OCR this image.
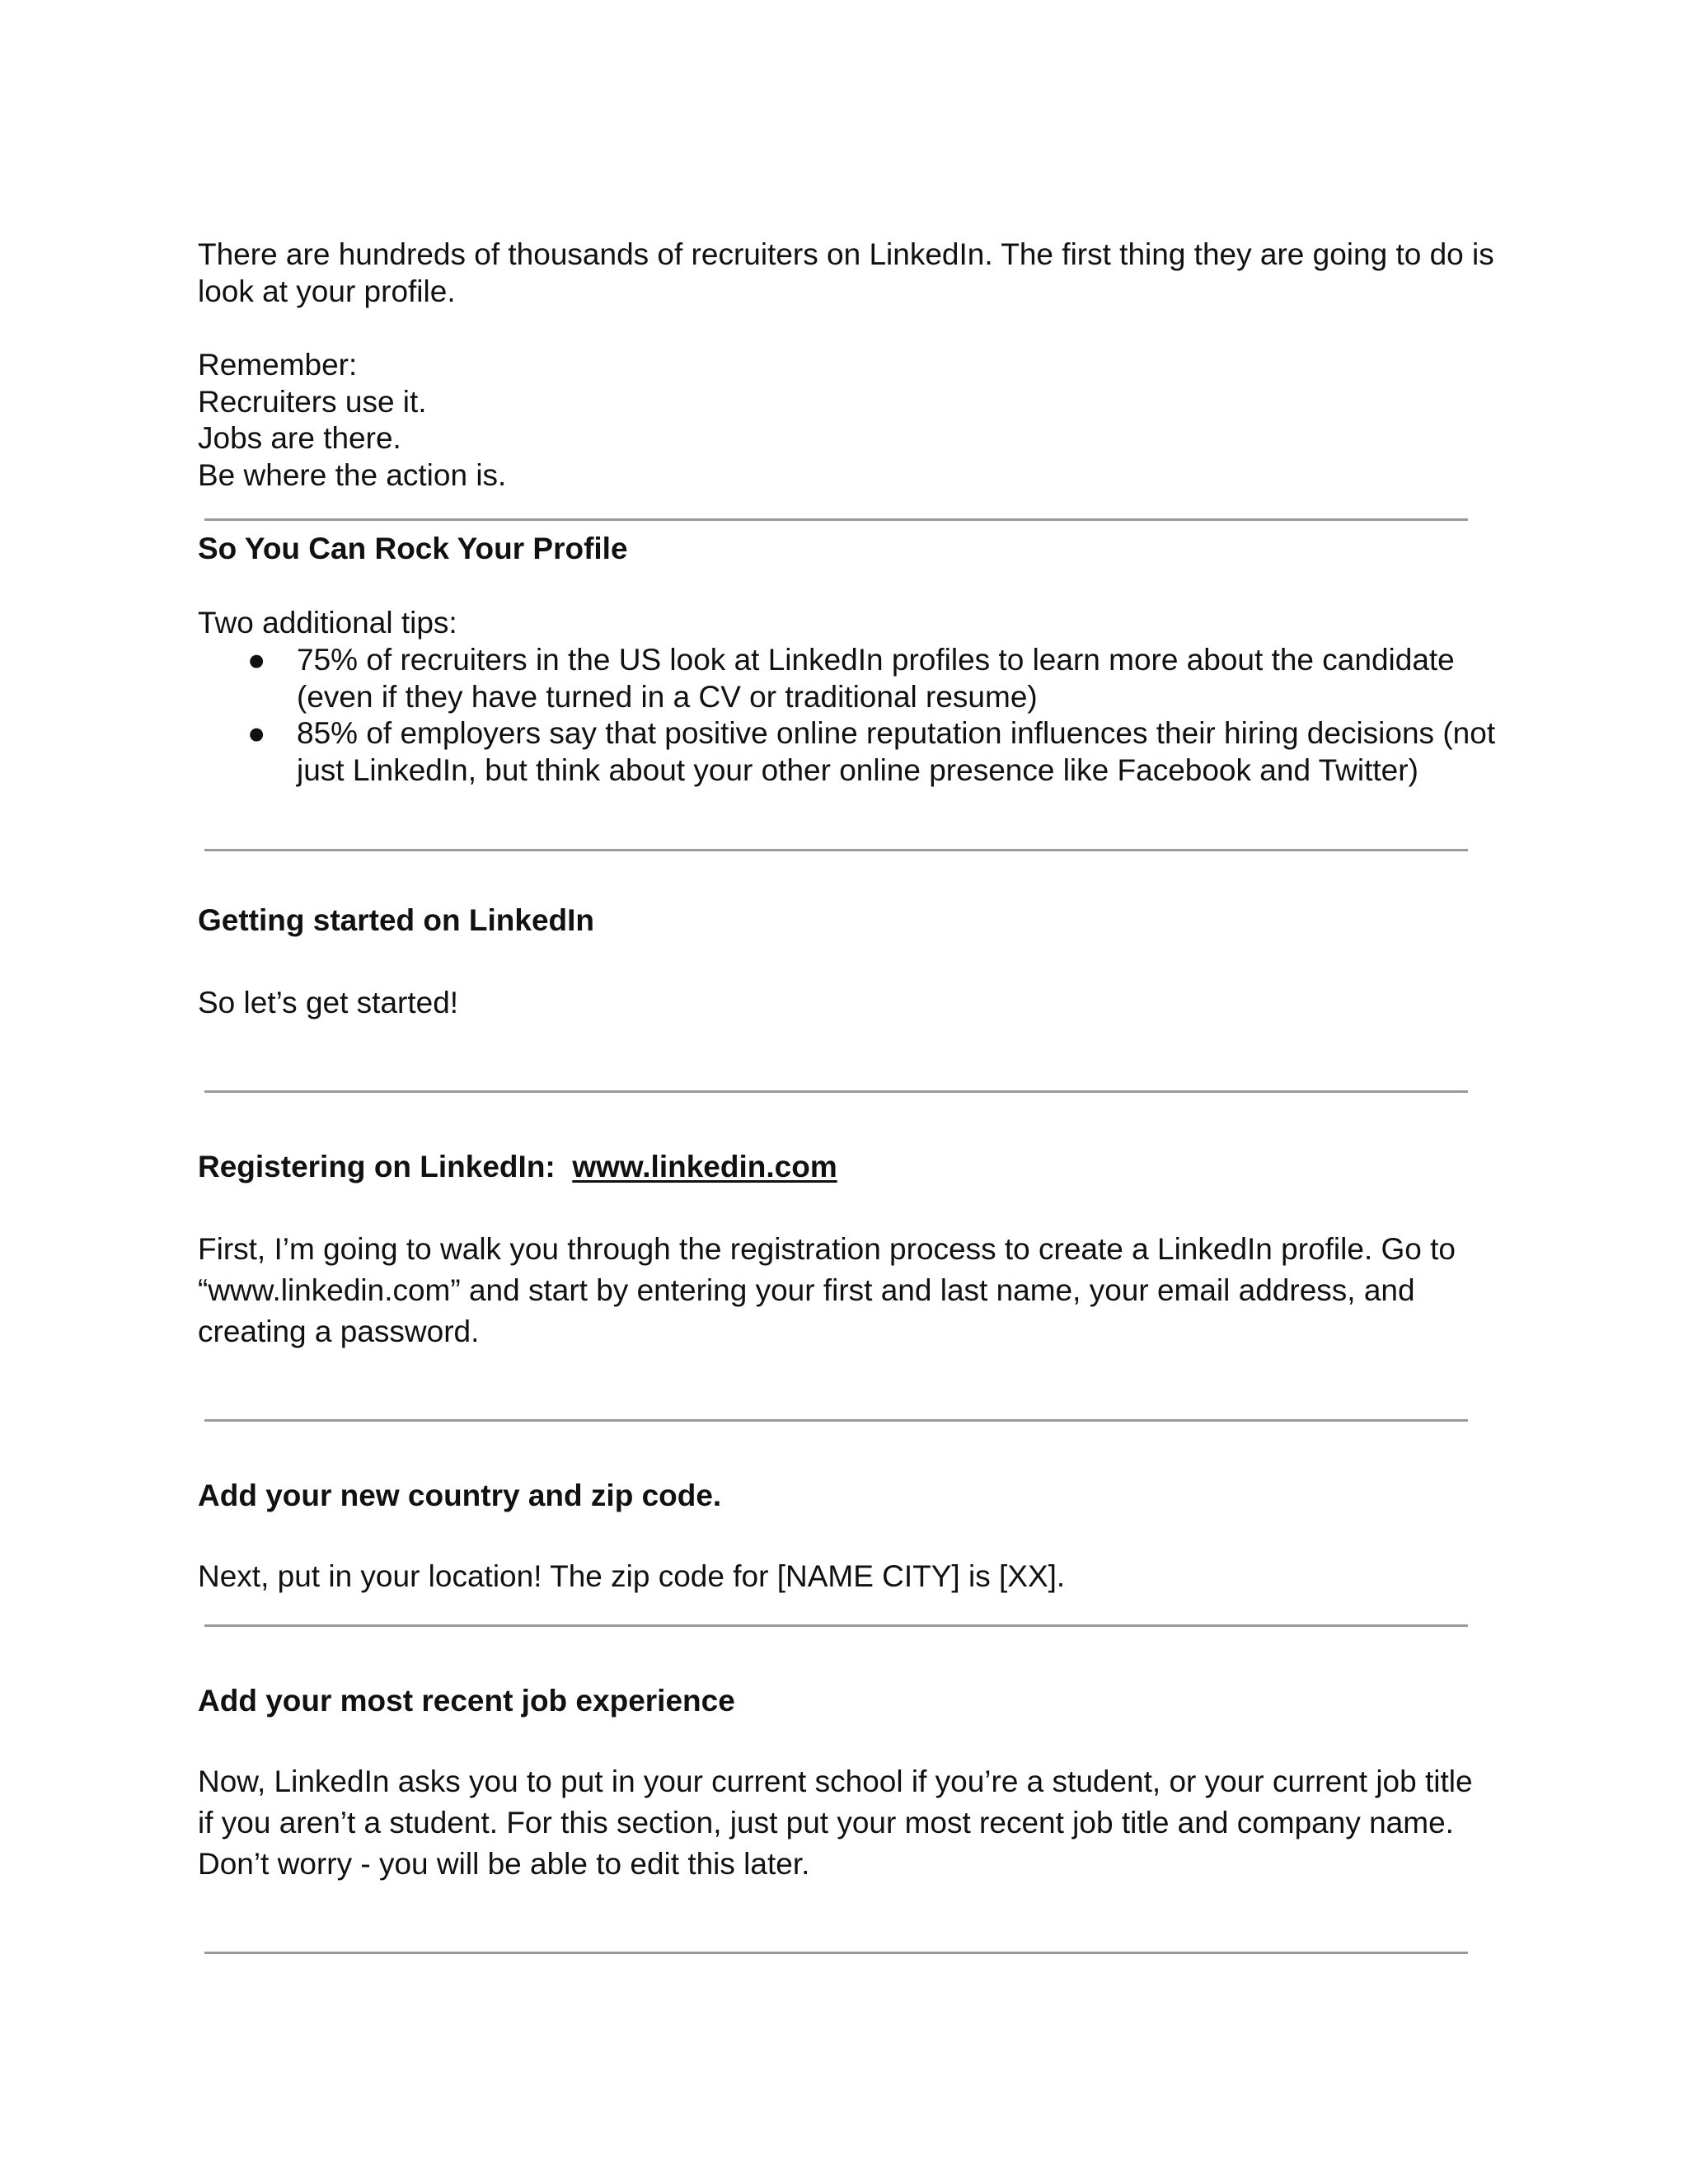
There are hundreds of thousands of recruiters on LinkedIn. The first thing they are going to do is

look at your profile.

Remember:

Recruiters use it.

Jobs are there.

Be where the action is.

So You Can Rock Your Profile

Two additional tips:

● 75% of recruiters in the US look at LinkedIn profiles to learn more about the candidate
(even if they have turned in a CV or traditional resume)
● 85% of employers say that positive online reputation influences their hiring decisions (not
just LinkedIn, but think about your other online presence like Facebook and Twitter)
Getting started on LinkedIn

So let’s get started!

Registering on LinkedIn: www.linkedin.com

First, I’m going to walk you through the registration process to create a LinkedIn profile. Go to

“www.linkedin.com” and start by entering your first and last name, your email address, and

creating a password.

Add your new country and zip code.

Next, put in your location! The zip code for [NAME CITY] is [XX].

Add your most recent job experience

Now, LinkedIn asks you to put in your current school if you’re a student, or your current job title

if you aren’t a student. For this section, just put your most recent job title and company name.

Don’t worry - you will be able to edit this later.
